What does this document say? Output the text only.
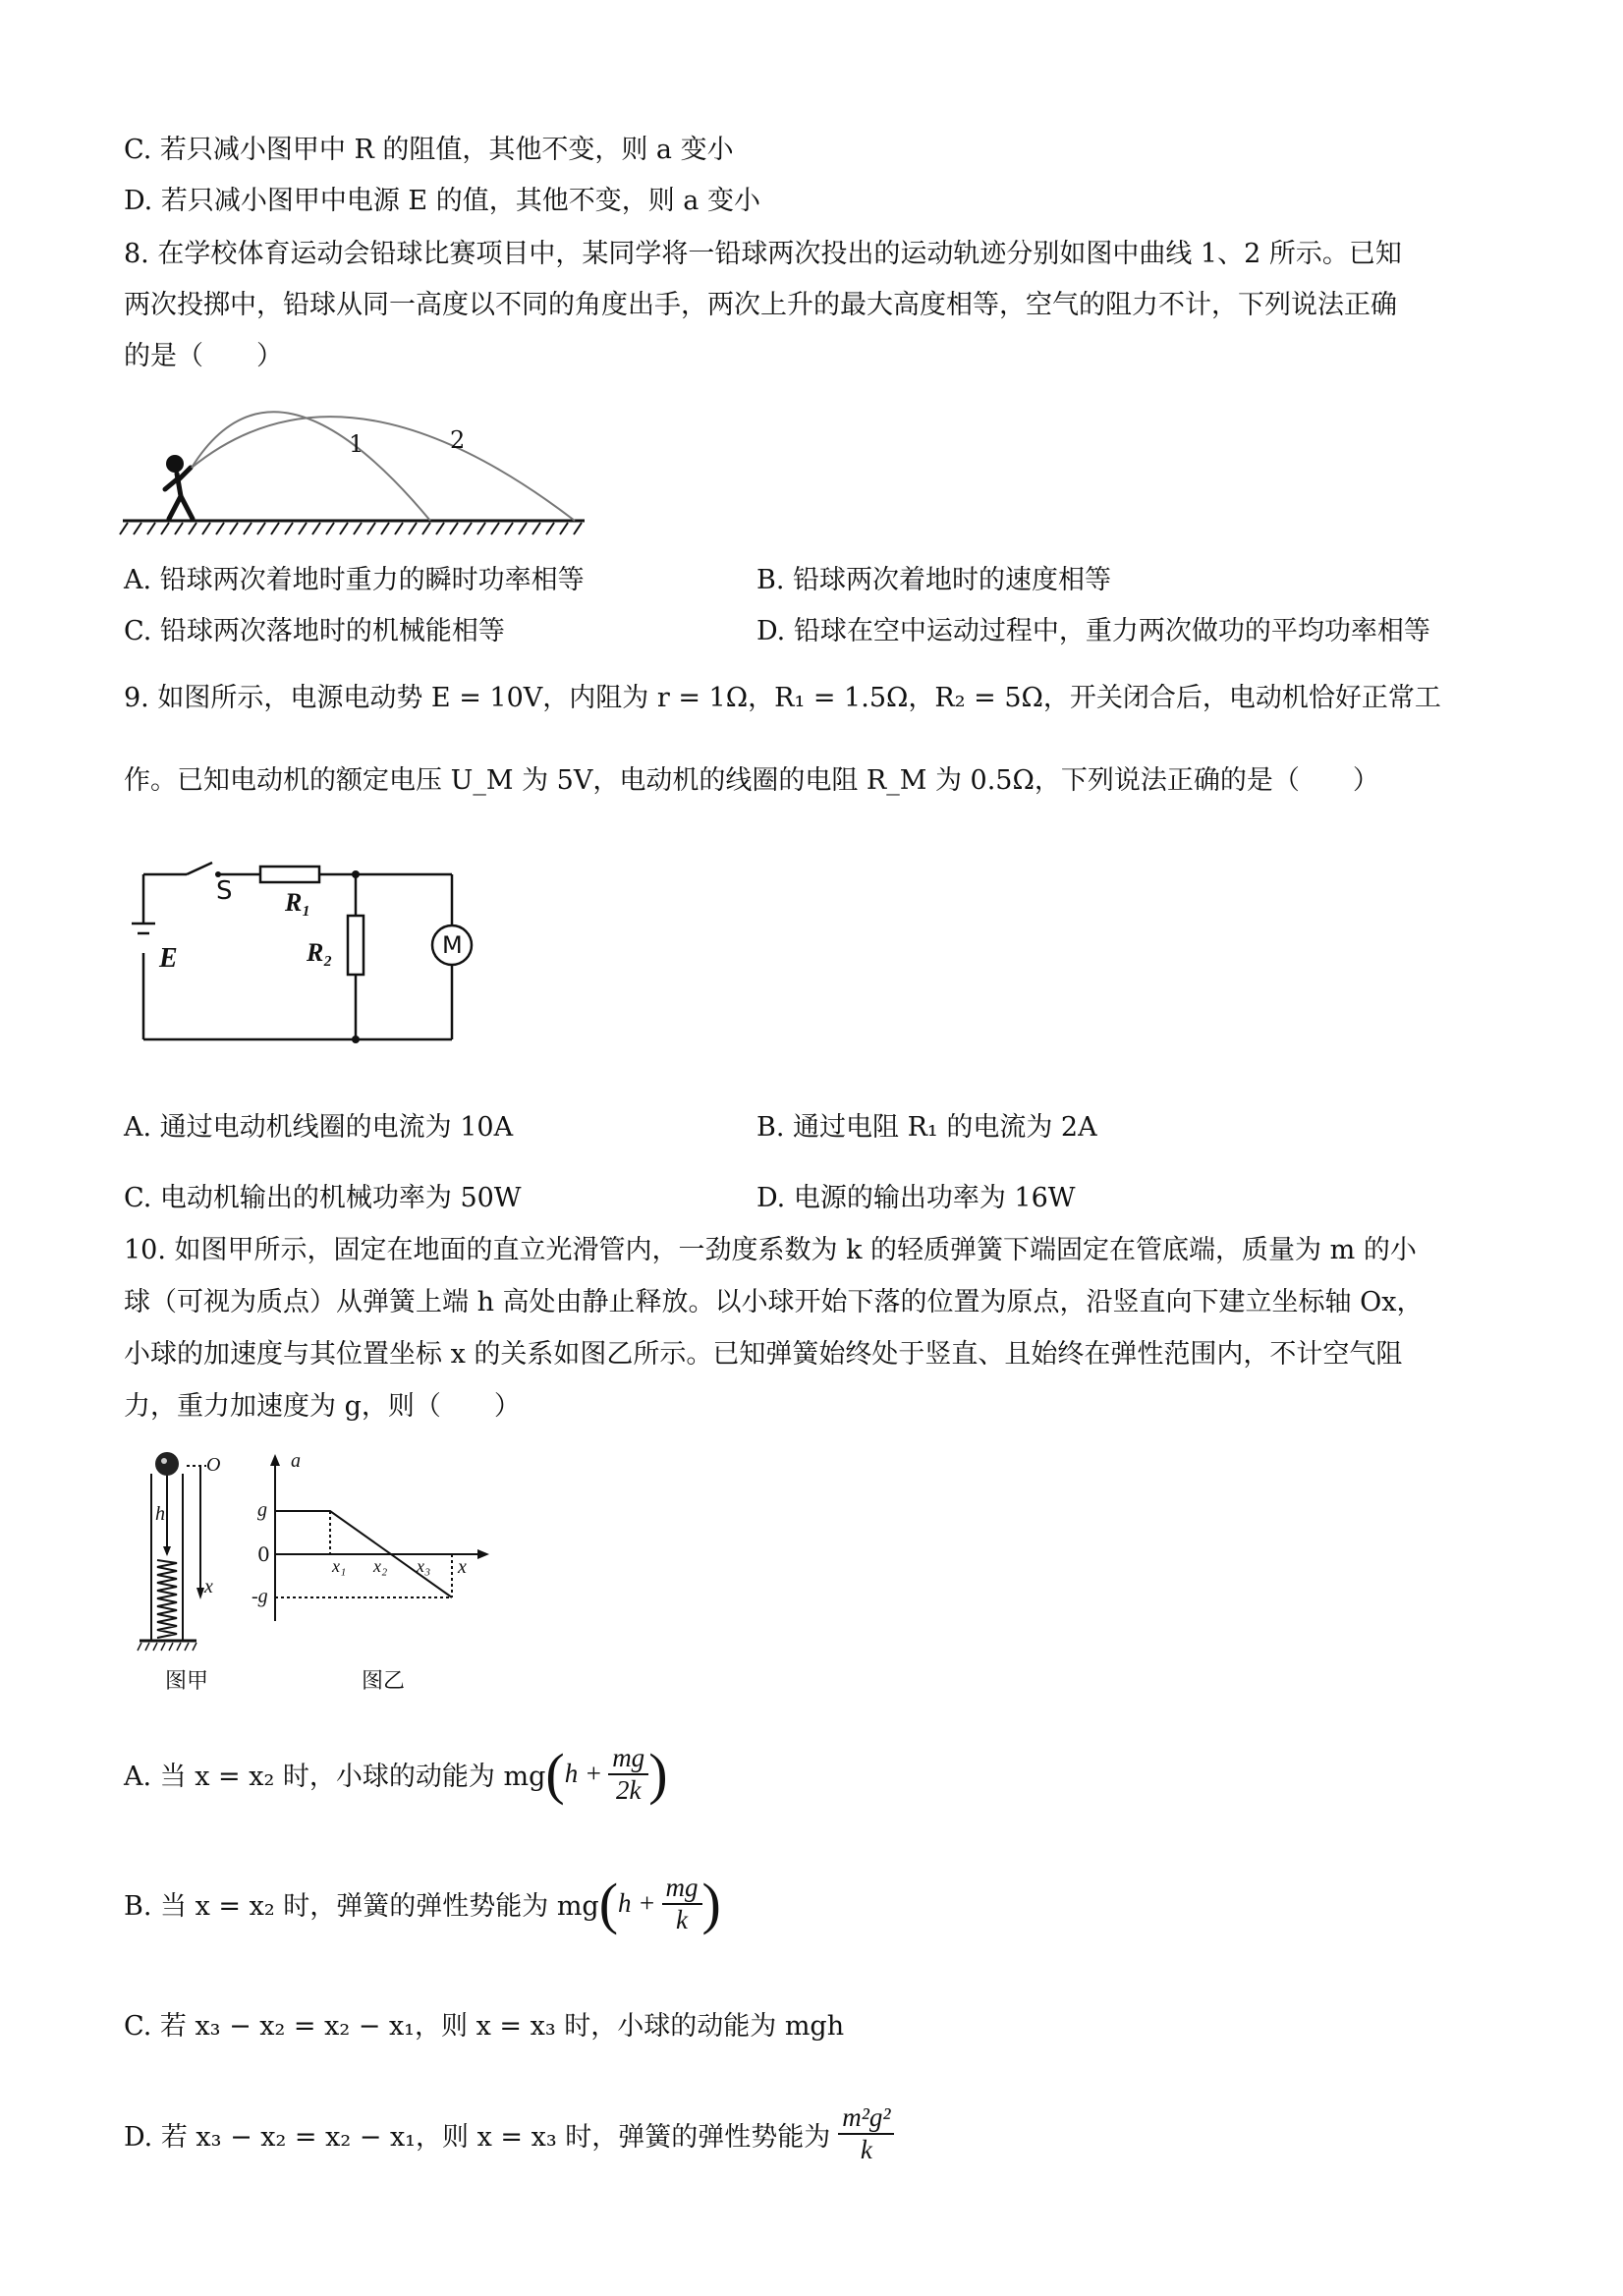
C. 若只减小图甲中 R 的阻值，其他不变，则 a 变小
D. 若只减小图甲中电源 E 的值，其他不变，则 a 变小
8. 在学校体育运动会铅球比赛项目中，某同学将一铅球两次投出的运动轨迹分别如图中曲线 1、2 所示。已知
两次投掷中，铅球从同一高度以不同的角度出手，两次上升的最大高度相等，空气的阻力不计，下列说法正确
的是（　　）
1	2
A. 铅球两次着地时重力的瞬时功率相等	B. 铅球两次着地时的速度相等
C. 铅球两次落地时的机械能相等	D. 铅球在空中运动过程中，重力两次做功的平均功率相等
9. 如图所示，电源电动势 E = 10V，内阻为 r = 1Ω，R₁ = 1.5Ω，R₂ = 5Ω，开关闭合后，电动机恰好正常工
作。已知电动机的额定电压 U_M 为 5V，电动机的线圈的电阻 R_M 为 0.5Ω，下列说法正确的是（　　）
S R₁
R₂	M
E
A. 通过电动机线圈的电流为 10A	B. 通过电阻 R₁ 的电流为 2A
C. 电动机输出的机械功率为 50W	D. 电源的输出功率为 16W
10. 如图甲所示，固定在地面的直立光滑管内，一劲度系数为 k 的轻质弹簧下端固定在管底端，质量为 m 的小
球（可视为质点）从弹簧上端 h 高处由静止释放。以小球开始下落的位置为原点，沿竖直向下建立坐标轴 Ox，
小球的加速度与其位置坐标 x 的关系如图乙所示。已知弹簧始终处于竖直、且始终在弹性范围内，不计空气阻
力，重力加速度为 g，则（　　）
O
h
x
图甲
a
g
0
-g
x₁ x₂ x₃ x
图乙
A. 当 x = x₂ 时，小球的动能为 mg ( $h + \frac{mg}{2k}$ )
B. 当 x = x₂ 时，弹簧的弹性势能为 mg ( $h + \frac{mg}{k}$ )
C. 若 x₃ − x₂ = x₂ − x₁，则 x = x₃ 时，小球的动能为 mgh
D. 若 x₃ − x₂ = x₂ − x₁，则 x = x₃ 时，弹簧的弹性势能为 $\frac{\text{m²g²}}{k}$
